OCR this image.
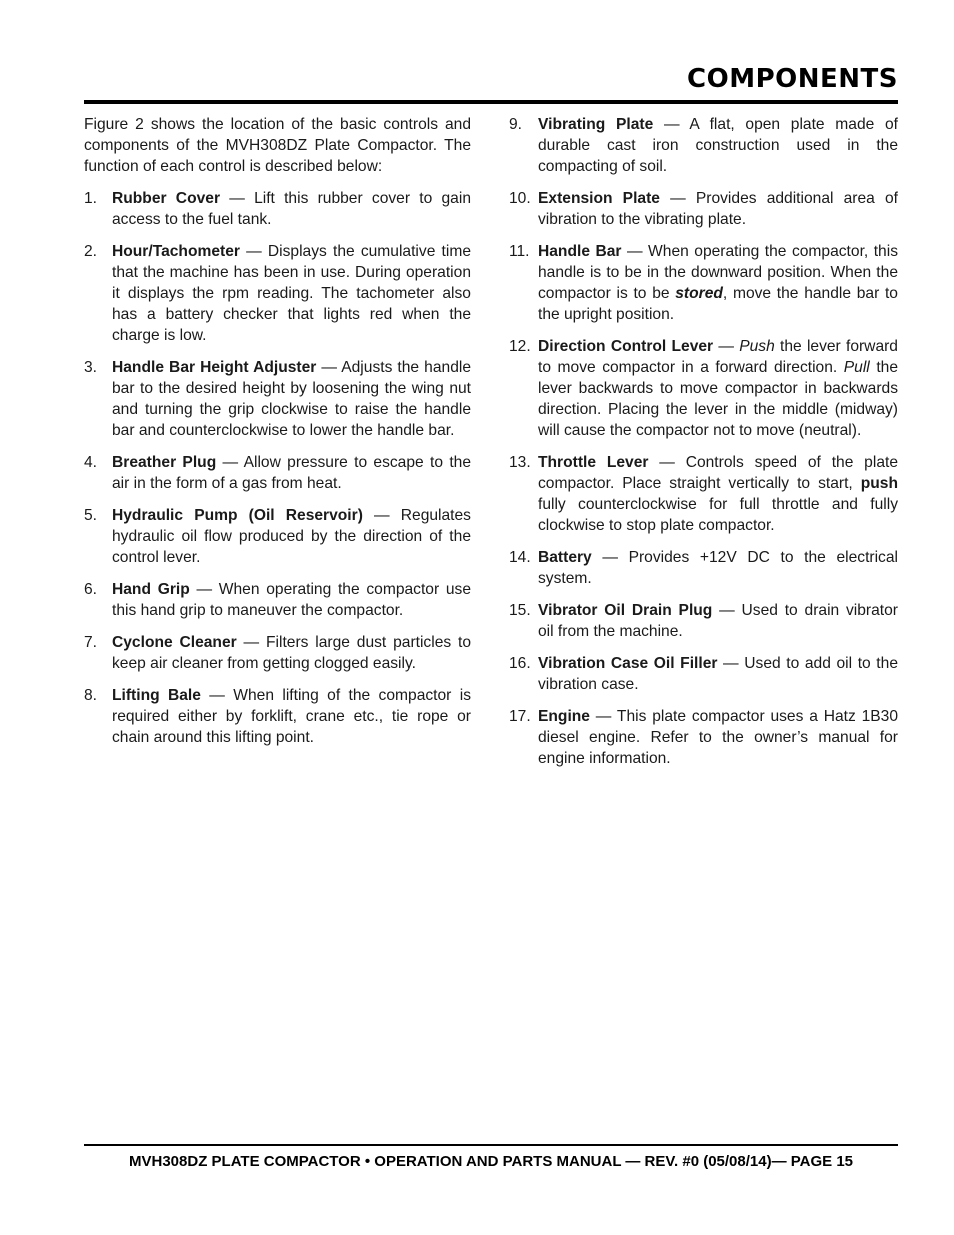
COMPONENTS

Figure 2 shows the location of the basic controls and components of the MVH308DZ Plate Compactor. The function of each control is described below:

1. Rubber Cover — Lift this rubber cover to gain access to the fuel tank.
2. Hour/Tachometer — Displays the cumulative time that the machine has been in use. During operation it displays the rpm reading. The tachometer also has a battery checker that lights red when the charge is low.
3. Handle Bar Height Adjuster — Adjusts the handle bar to the desired height by loosening the wing nut and turning the grip clockwise to raise the handle bar and counterclockwise to lower the handle bar.
4. Breather Plug — Allow pressure to escape to the air in the form of a gas from heat.
5. Hydraulic Pump (Oil Reservoir) — Regulates hydraulic oil flow produced by the direction of the control lever.
6. Hand Grip — When operating the compactor use this hand grip to maneuver the compactor.
7. Cyclone Cleaner — Filters large dust particles to keep air cleaner from getting clogged easily.
8. Lifting Bale — When lifting of the compactor is required either by forklift, crane etc., tie rope or chain around this lifting point.
9.	Vibrating Plate — A flat, open plate made of durable cast iron construction used in the compacting of soil.
10. Extension Plate — Provides additional area of vibration to the vibrating plate.
11. Handle Bar — When operating the compactor, this handle is to be in the downward position. When the compactor is to be stored, move the handle bar to the upright position.
12. Direction Control Lever — Push the lever forward to move compactor in a forward direction. Pull the lever backwards to move compactor in backwards direction. Placing the lever in the middle (midway) will cause the compactor not to move (neutral).
13. Throttle Lever — Controls speed of the plate compactor. Place straight vertically to start, push fully counterclockwise for full throttle and fully clockwise to stop plate compactor.
14. Battery — Provides +12V DC to the electrical system.
15. Vibrator Oil Drain Plug — Used to drain vibrator oil from the machine.
16. Vibration Case Oil Filler — Used to add oil to the vibration case.
17. Engine — This plate compactor uses a Hatz 1B30 diesel engine. Refer to the owner’s manual for engine information.
MVH308DZ PLATE COMPACTOR • OPERATION AND PARTS MANUAL — REV. #0 (05/08/14)— PAGE 15
